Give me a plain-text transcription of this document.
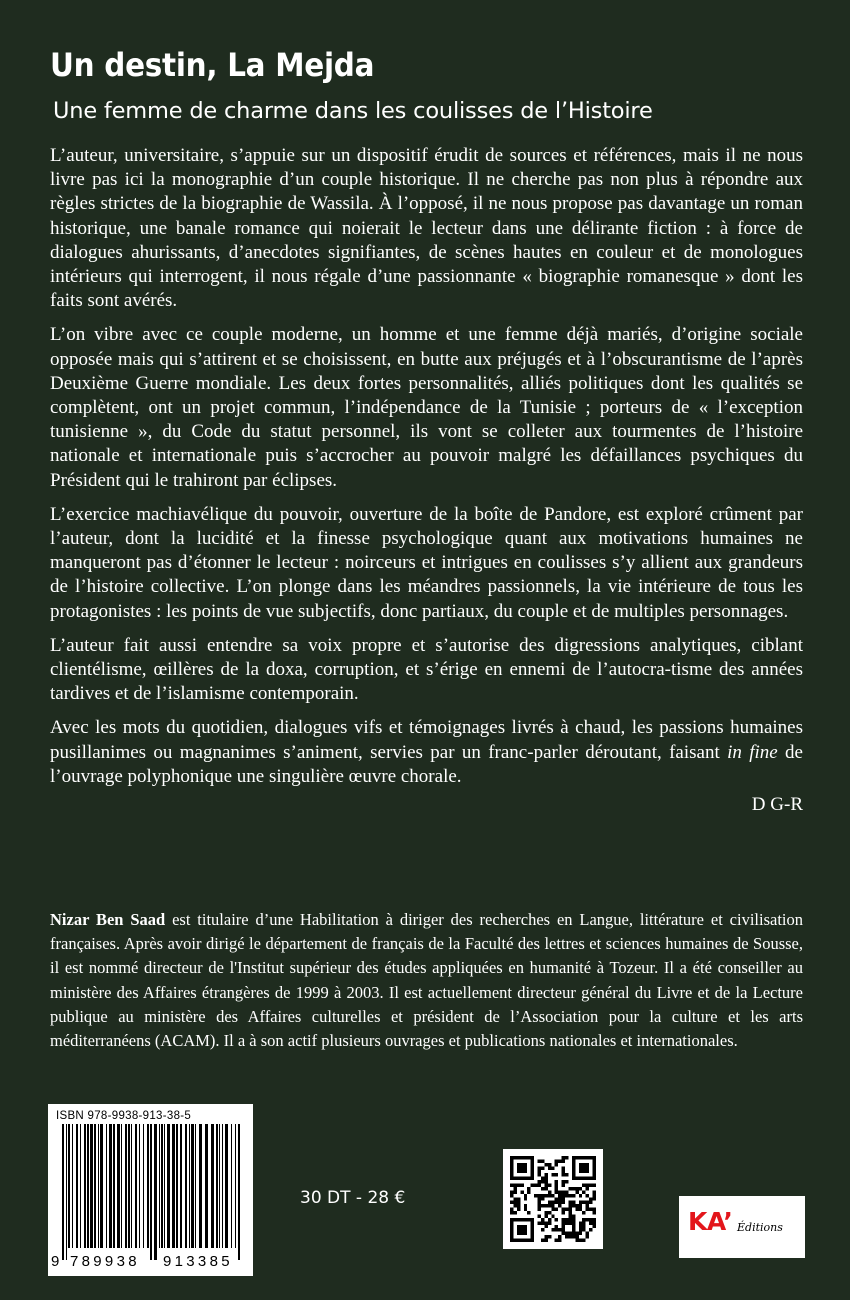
Un destin, La Mejda
Une femme de charme dans les coulisses de l’Histoire

L’auteur, universitaire, s’appuie sur un dispositif érudit de sources et références, mais il ne nous livre pas ici la monographie d’un couple historique. Il ne cherche pas non plus à répondre aux règles strictes de la biographie de Wassila. À l’opposé, il ne nous propose pas davantage un roman historique, une banale romance qui noierait le lecteur dans une délirante fiction : à force de dialogues ahurissants, d’anecdotes signifiantes, de scènes hautes en couleur et de monologues intérieurs qui interrogent, il nous régale d’une passionnante « biographie romanesque » dont les faits sont avérés.

L’on vibre avec ce couple moderne, un homme et une femme déjà mariés, d’origine sociale opposée mais qui s’attirent et se choisissent, en butte aux préjugés et à l’obscurantisme de l’après Deuxième Guerre mondiale. Les deux fortes personnalités, alliés politiques dont les qualités se complètent, ont un projet commun, l’indépendance de la Tunisie ; porteurs de « l’exception tunisienne », du Code du statut personnel, ils vont se colleter aux tourmentes de l’histoire nationale et internationale puis s’accrocher au pouvoir malgré les défaillances psychiques du Président qui le trahiront par éclipses.

L’exercice machiavélique du pouvoir, ouverture de la boîte de Pandore, est exploré crûment par l’auteur, dont la lucidité et la finesse psychologique quant aux motivations humaines ne manqueront pas d’étonner le lecteur : noirceurs et intrigues en coulisses s’y allient aux grandeurs de l’histoire collective. L’on plonge dans les méandres passionnels, la vie intérieure de tous les protagonistes : les points de vue subjectifs, donc partiaux, du couple et de multiples personnages.

L’auteur fait aussi entendre sa voix propre et s’autorise des digressions analytiques, ciblant clientélisme, œillères de la doxa, corruption, et s’érige en ennemi de l’autocra-tisme des années tardives et de l’islamisme contemporain.

Avec les mots du quotidien, dialogues vifs et témoignages livrés à chaud, les passions humaines pusillanimes ou magnanimes s’animent, servies par un franc-parler déroutant, faisant in fine de l’ouvrage polyphonique une singulière œuvre chorale.

D G-R
Nizar Ben Saad est titulaire d’une Habilitation à diriger des recherches en Langue, littérature et civilisation françaises. Après avoir dirigé le département de français de la Faculté des lettres et sciences humaines de Sousse, il est nommé directeur de l'Institut supérieur des études appliquées en humanité à Tozeur. Il a été conseiller au ministère des Affaires étrangères de 1999 à 2003. Il est actuellement directeur général du Livre et de la Lecture publique au ministère des Affaires culturelles et président de l’Association pour la culture et les arts méditerranéens (ACAM). Il a à son actif plusieurs ouvrages et publications nationales et internationales.
ISBN 978-9938-913-38-5
9 789938 913385
30 DT - 28 €
KA’ Éditions
